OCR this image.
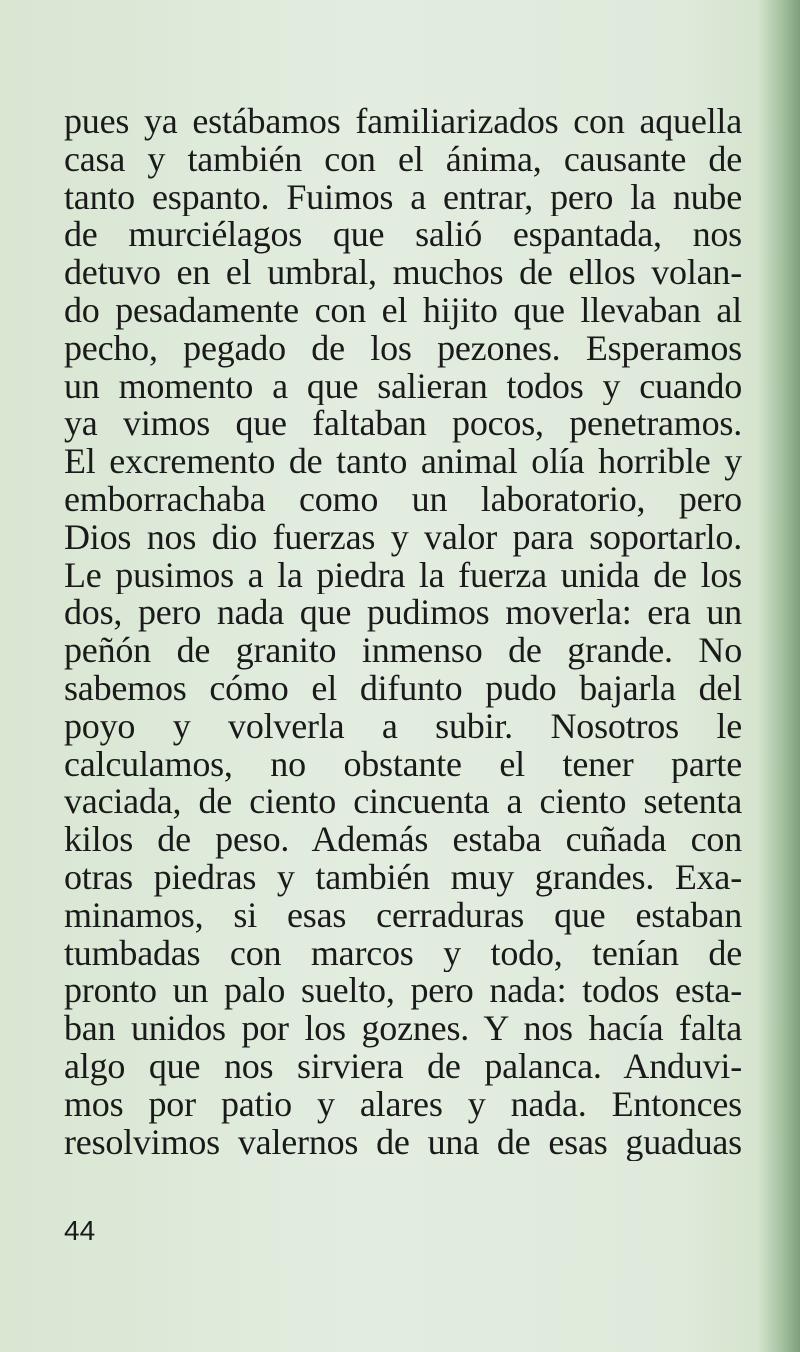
pues ya estábamos familiarizados con aquella
casa y también con el ánima, causante de
tanto espanto. Fuimos a entrar, pero la nube
de murciélagos que salió espantada, nos
detuvo en el umbral, muchos de ellos volan-
do pesadamente con el hijito que llevaban al
pecho, pegado de los pezones. Esperamos
un momento a que salieran todos y cuando
ya vimos que faltaban pocos, penetramos.
El excremento de tanto animal olía horrible y
emborrachaba como un laboratorio, pero
Dios nos dio fuerzas y valor para soportarlo.
Le pusimos a la piedra la fuerza unida de los
dos, pero nada que pudimos moverla: era un
peñón de granito inmenso de grande. No
sabemos cómo el difunto pudo bajarla del
poyo y volverla a subir. Nosotros le
calculamos, no obstante el tener parte
vaciada, de ciento cincuenta a ciento setenta
kilos de peso. Además estaba cuñada con
otras piedras y también muy grandes. Exa-
minamos, si esas cerraduras que estaban
tumbadas con marcos y todo, tenían de
pronto un palo suelto, pero nada: todos esta-
ban unidos por los goznes. Y nos hacía falta
algo que nos sirviera de palanca. Anduvi-
mos por patio y alares y nada. Entonces
resolvimos valernos de una de esas guaduas
44
